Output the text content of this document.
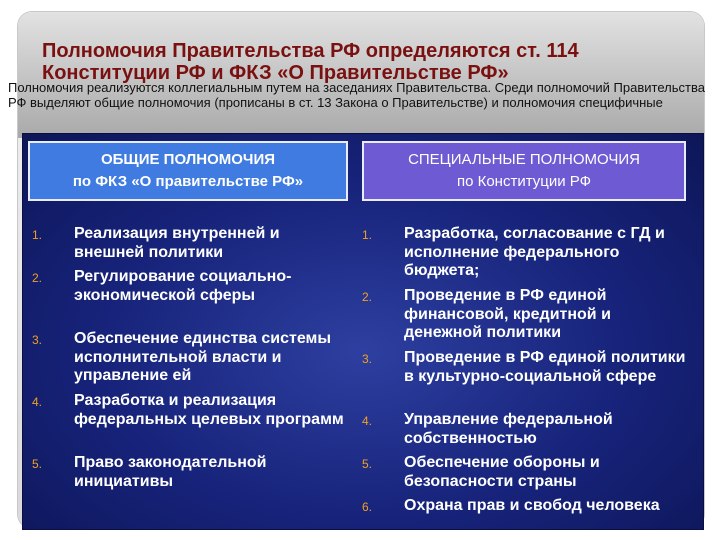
Полномочия Правительства РФ определяются ст. 114 Конституции РФ и ФКЗ «О Правительстве РФ»

Полномочия реализуются коллегиальным путем на заседаниях Правительства. Среди полномочий Правительства РФ выделяют общие полномочия (прописаны в ст. 13 Закона о Правительстве) и полномочия специфичные

ОБЩИЕ ПОЛНОМОЧИЯ
по ФКЗ «О правительстве РФ»
СПЕЦИАЛЬНЫЕ ПОЛНОМОЧИЯ
по Конституции РФ
1.	Реализация внутренней и внешней политики
2.	Регулирование социально-экономической сферы
3.	Обеспечение единства системы исполнительной власти и управление ей
4.	Разработка и реализация федеральных целевых программ
5.	Право законодательной инициативы
1.	Разработка, согласование с ГД и исполнение федерального бюджета;
2.	Проведение в РФ единой финансовой, кредитной и денежной политики
3.	Проведение в РФ единой политики в культурно-социальной сфере
4.	Управление федеральной собственностью
5.	Обеспечение обороны и безопасности страны
6.	Охрана прав и свобод человека
